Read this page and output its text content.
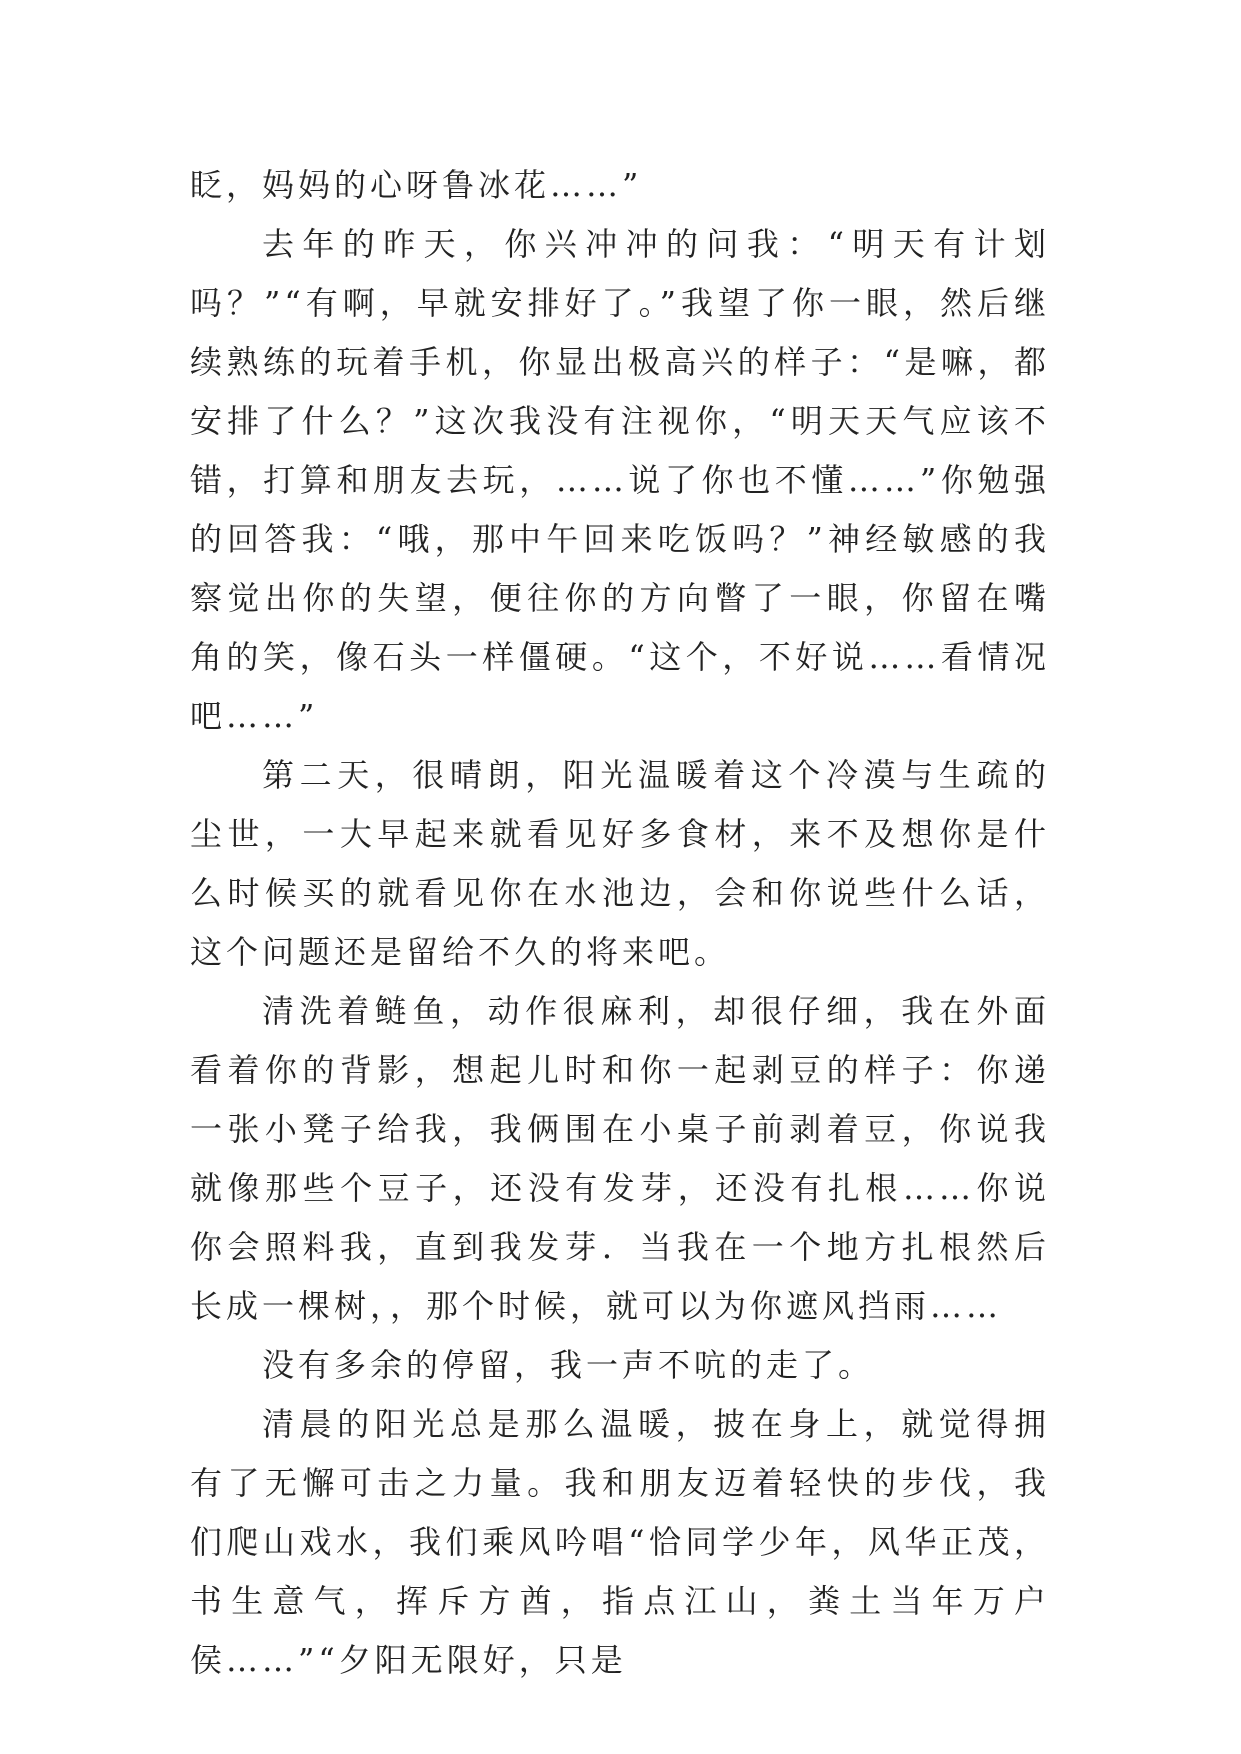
眨，妈妈的心呀鲁冰花……”

去年的昨天，你兴冲冲的问我：“明天有计划吗？”“有啊，早就安排好了。”我望了你一眼，然后继续熟练的玩着手机，你显出极高兴的样子：“是嘛，都安排了什么？”这次我没有注视你，“明天天气应该不错，打算和朋友去玩，……说了你也不懂……”你勉强的回答我：“哦，那中午回来吃饭吗？”神经敏感的我察觉出你的失望，便往你的方向瞥了一眼，你留在嘴角的笑，像石头一样僵硬。“这个，不好说……看情况吧……”

第二天，很晴朗，阳光温暖着这个冷漠与生疏的尘世，一大早起来就看见好多食材，来不及想你是什么时候买的就看见你在水池边，会和你说些什么话，这个问题还是留给不久的将来吧。

清洗着鲢鱼，动作很麻利，却很仔细，我在外面看着你的背影，想起儿时和你一起剥豆的样子：你递一张小凳子给我，我俩围在小桌子前剥着豆，你说我就像那些个豆子，还没有发芽，还没有扎根……你说你会照料我，直到我发芽．当我在一个地方扎根然后长成一棵树，，那个时候，就可以为你遮风挡雨……

没有多余的停留，我一声不吭的走了。

清晨的阳光总是那么温暖，披在身上，就觉得拥有了无懈可击之力量。我和朋友迈着轻快的步伐，我们爬山戏水，我们乘风吟唱“恰同学少年，风华正茂，书生意气，挥斥方酋，指点江山，粪土当年万户侯……”“夕阳无限好，只是
